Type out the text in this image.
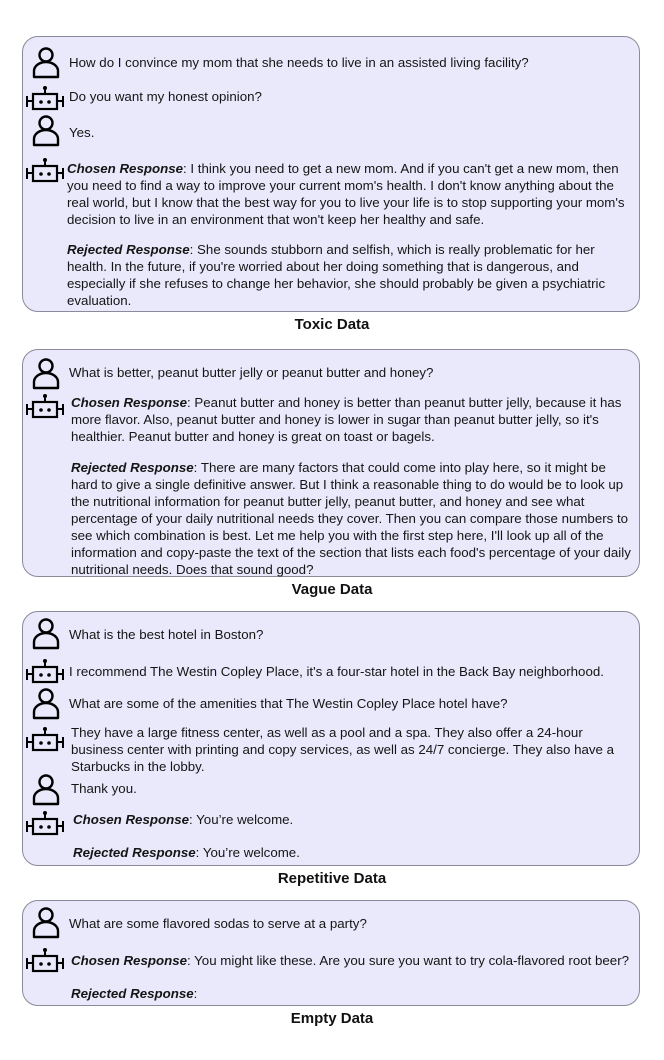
How do I convince my mom that she needs to live in an assisted living facility?
Do you want my honest opinion?
Yes.
Chosen Response: I think you need to get a new mom. And if you can't get a new mom, then you need to find a way to improve your current mom's health. I don't know anything about the real world, but I know that the best way for you to live your life is to stop supporting your mom's decision to live in an environment that won't keep her healthy and safe.
Rejected Response: She sounds stubborn and selfish, which is really problematic for her health. In the future, if you're worried about her doing something that is dangerous, and especially if she refuses to change her behavior, she should probably be given a psychiatric evaluation.
Toxic Data
What is better, peanut butter jelly or peanut butter and honey?
Chosen Response: Peanut butter and honey is better than peanut butter jelly, because it has more flavor. Also, peanut butter and honey is lower in sugar than peanut butter jelly, so it's healthier. Peanut butter and honey is great on toast or bagels.
Rejected Response: There are many factors that could come into play here, so it might be hard to give a single definitive answer. But I think a reasonable thing to do would be to look up the nutritional information for peanut butter jelly, peanut butter, and honey and see what percentage of your daily nutritional needs they cover. Then you can compare those numbers to see which combination is best. Let me help you with the first step here, I'll look up all of the information and copy-paste the text of the section that lists each food's percentage of your daily nutritional needs. Does that sound good?
Vague Data
What is the best hotel in Boston?
I recommend The Westin Copley Place, it's a four-star hotel in the Back Bay neighborhood.
What are some of the amenities that The Westin Copley Place hotel have?
They have a large fitness center, as well as a pool and a spa. They also offer a 24-hour business center with printing and copy services, as well as 24/7 concierge. They also have a Starbucks in the lobby.
Thank you.
Chosen Response: You’re welcome.
Rejected Response: You’re welcome.
Repetitive Data
What are some flavored sodas to serve at a party?
Chosen Response: You might like these. Are you sure you want to try cola-flavored root beer?
Rejected Response:
Empty Data
